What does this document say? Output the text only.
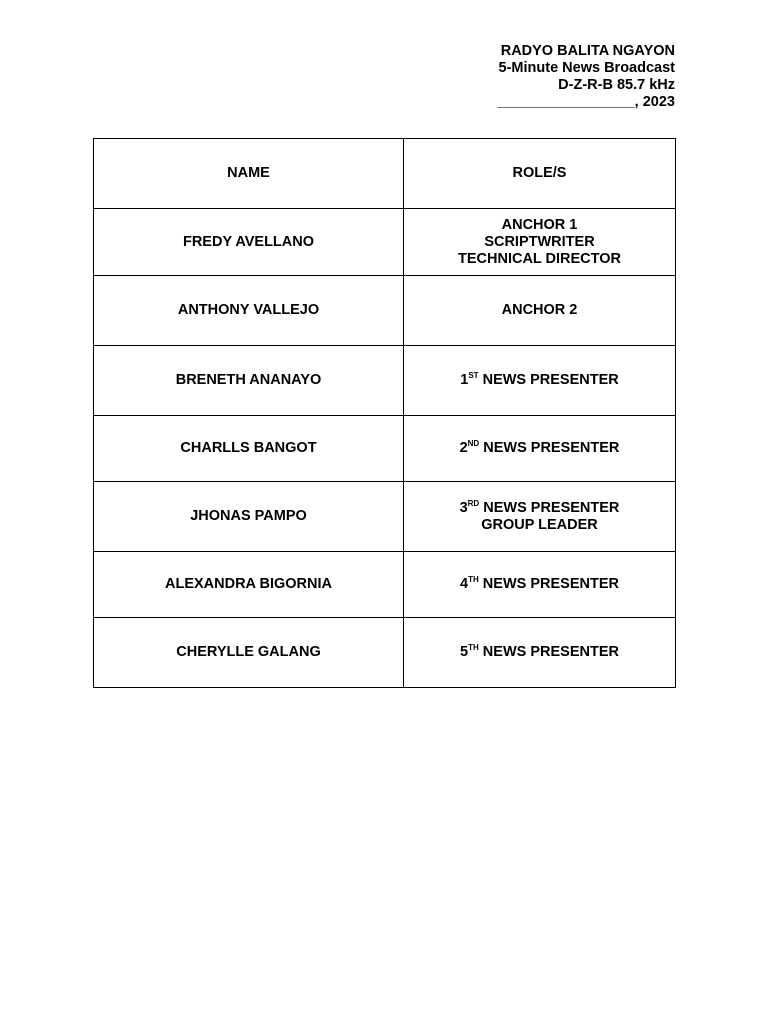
RADYO BALITA NGAYON
5-Minute News Broadcast
D-Z-R-B 85.7 kHz
_________________, 2023
NAME	ROLE/S
FREDY AVELLANO	ANCHOR 1
SCRIPTWRITER
TECHNICAL DIRECTOR

ANTHONY VALLEJO	ANCHOR 2

BRENETH ANANAYO	1ST NEWS PRESENTER

CHARLLS BANGOT	2ND NEWS PRESENTER

JHONAS PAMPO	3RD NEWS PRESENTER
GROUP LEADER

ALEXANDRA BIGORNIA	4TH NEWS PRESENTER

CHERYLLE GALANG	5TH NEWS PRESENTER
